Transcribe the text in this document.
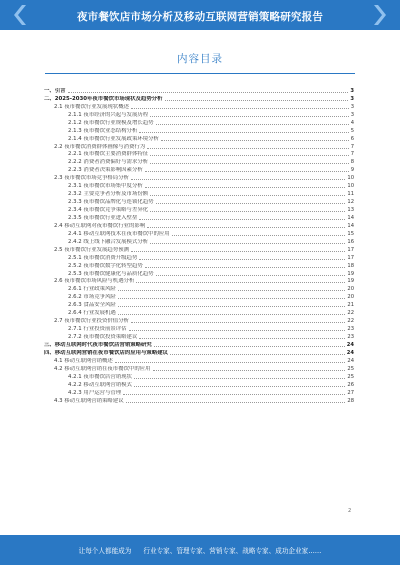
夜市餐饮店市场分析及移动互联网营销策略研究报告
内容目录
一、引言	3
二、2025-2030年夜市餐饮市场现状及趋势分析	3
2.1 夜市餐饮行业发展现状概述	3
2.1.1 夜市经济的兴起与发展历程	3
2.1.2 夜市餐饮行业规模及增长趋势	4
2.1.3 夜市餐饮业态结构分析	5
2.1.4 夜市餐饮行业发展政策环境分析	6
2.2 夜市餐饮消费群体画像与消费行为	7
2.2.1 夜市餐饮主要消费群体特征	7
2.2.2 消费者消费偏好与需求分析	8
2.2.3 消费者决策影响因素分析	9
2.3 夜市餐饮市场竞争格局分析	10
2.3.1 夜市餐饮市场集中度分析	10
2.3.2 主要竞争者分析及市场份额	11
2.3.3 夜市餐饮品牌化与连锁化趋势	12
2.3.4 夜市餐饮竞争策略与差异化	13
2.3.5 夜市餐饮行业进入壁垒	14
2.4 移动互联网对夜市餐饮行业的影响	14
2.4.1 移动互联网技术在夜市餐饮中的应用	15
2.4.2 线上线下融合发展模式分析	16
2.5 夜市餐饮行业发展趋势预测	17
2.5.1 夜市餐饮消费升级趋势	17
2.5.2 夜市餐饮数字化转型趋势	18
2.5.3 夜市餐饮健康化与品质化趋势	19
2.6 夜市餐饮市场风险与机遇分析	19
2.6.1 行业政策风险	20
2.6.2 市场竞争风险	20
2.6.3 食品安全风险	21
2.6.4 行业发展机遇	22
2.7 夜市餐饮行业投资价值分析	22
2.7.1 行业投资前景评估	23
2.7.2 夜市餐饮投资策略建议	23
三、移动互联网时代夜市餐饮店营销策略研究	24
四、移动互联网营销在夜市餐饮店的应用与策略建议	24
4.1 移动互联网营销概述	24
4.2 移动互联网营销在夜市餐饮中的应用	25
4.2.1 夜市餐饮店营销现状	25
4.2.2 移动互联网营销模式	26
4.2.3 用户运营与管理	27
4.3 移动互联网营销策略建议	28
2
让每个人都能成为 行业专家、管理专家、营销专家、战略专家、成功企业家……
